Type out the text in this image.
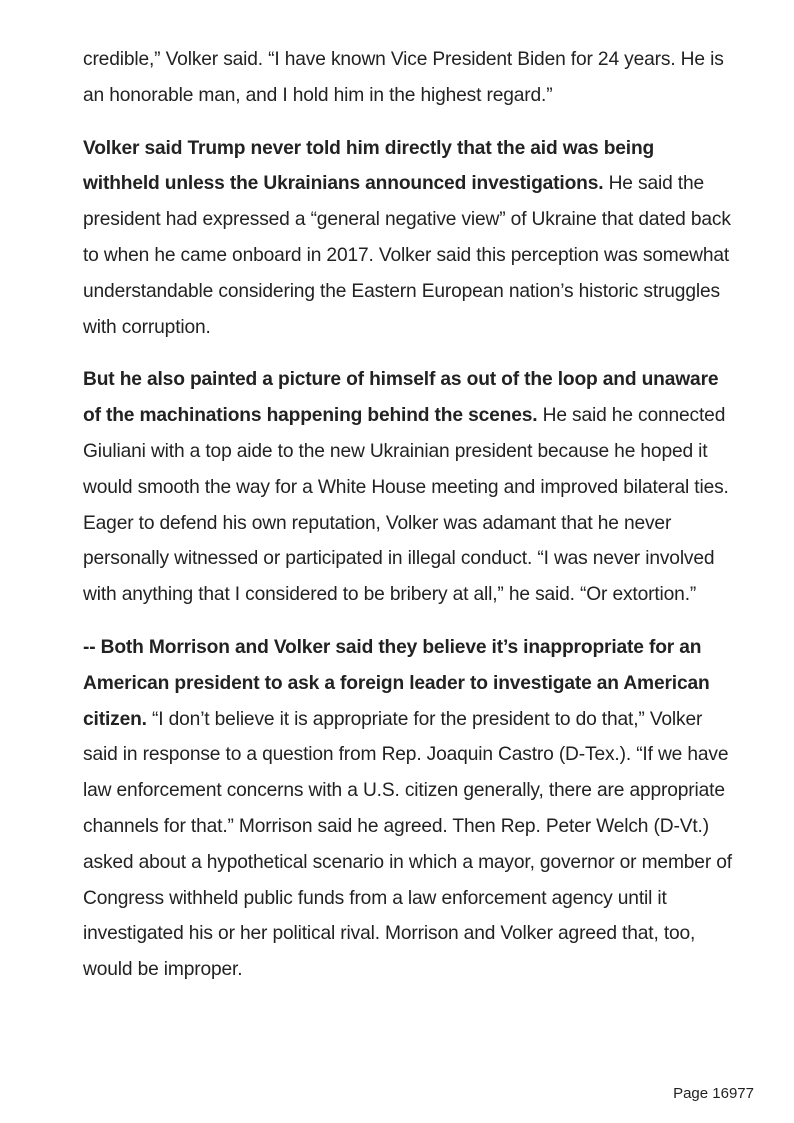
credible,” Volker said. “I have known Vice President Biden for 24 years. He is an honorable man, and I hold him in the highest regard.”

Volker said Trump never told him directly that the aid was being withheld unless the Ukrainians announced investigations. He said the president had expressed a “general negative view” of Ukraine that dated back to when he came onboard in 2017. Volker said this perception was somewhat understandable considering the Eastern European nation’s historic struggles with corruption.

But he also painted a picture of himself as out of the loop and unaware of the machinations happening behind the scenes. He said he connected Giuliani with a top aide to the new Ukrainian president because he hoped it would smooth the way for a White House meeting and improved bilateral ties. Eager to defend his own reputation, Volker was adamant that he never personally witnessed or participated in illegal conduct. “I was never involved with anything that I considered to be bribery at all,” he said. “Or extortion.”

-- Both Morrison and Volker said they believe it’s inappropriate for an American president to ask a foreign leader to investigate an American citizen. “I don’t believe it is appropriate for the president to do that,” Volker said in response to a question from Rep. Joaquin Castro (D-Tex.). “If we have law enforcement concerns with a U.S. citizen generally, there are appropriate channels for that.” Morrison said he agreed. Then Rep. Peter Welch (D-Vt.) asked about a hypothetical scenario in which a mayor, governor or member of Congress withheld public funds from a law enforcement agency until it investigated his or her political rival. Morrison and Volker agreed that, too, would be improper.

Page 16977
